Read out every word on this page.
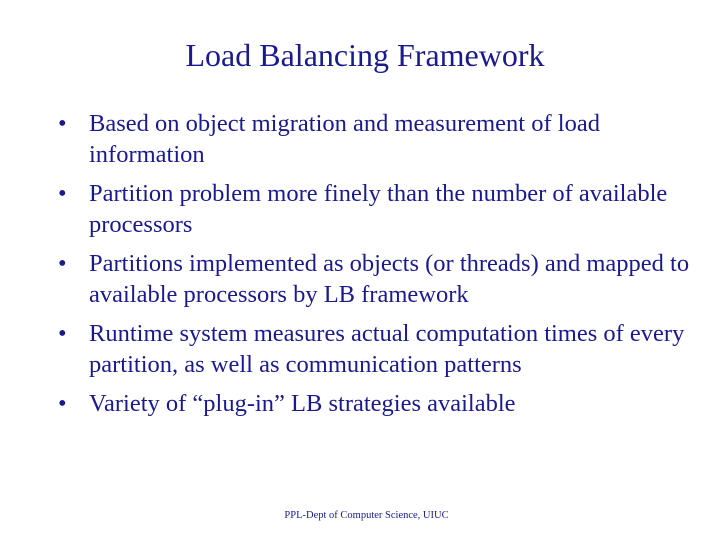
Load Balancing Framework
• Based on object migration and measurement of load information
• Partition problem more finely than the number of available processors
• Partitions implemented as objects (or threads) and mapped to available processors by LB framework
• Runtime system measures actual computation times of every partition, as well as communication patterns
• Variety of “plug-in” LB strategies available
PPL-Dept of Computer Science, UIUC
